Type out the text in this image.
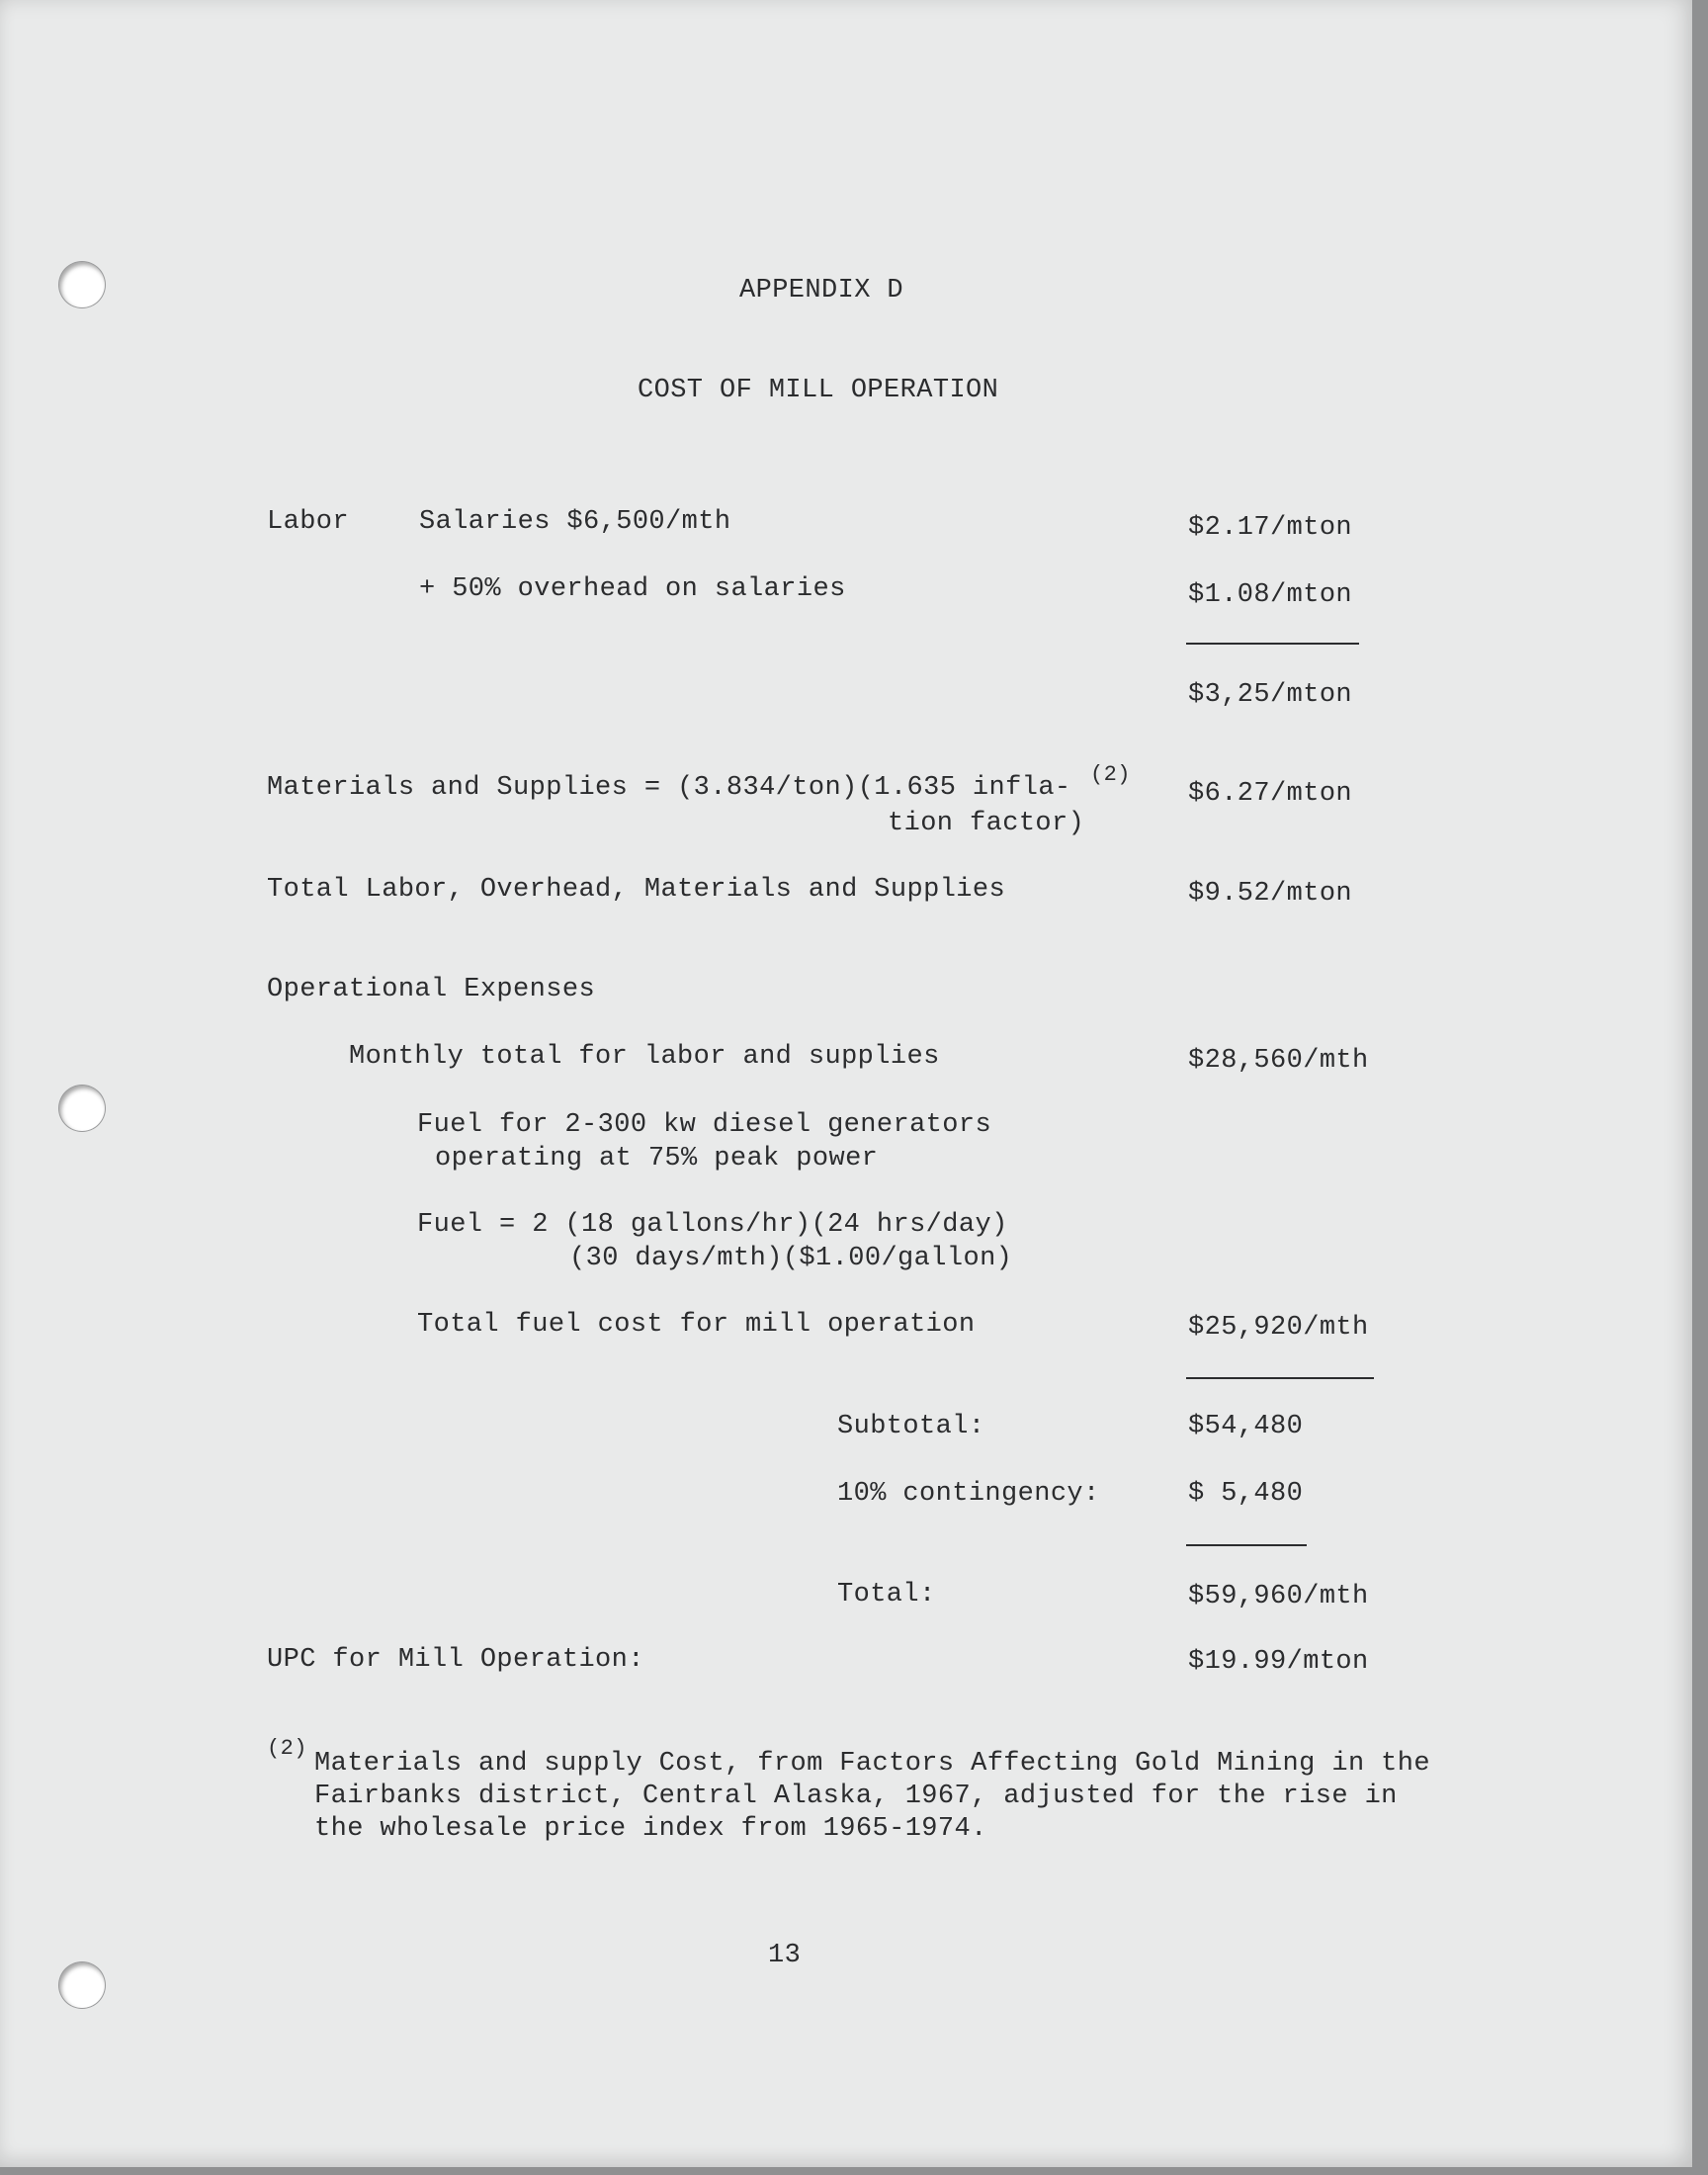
APPENDIX D
COST OF MILL OPERATION
Labor	Salaries $6,500/mth	$2.17/mton
+ 50% overhead on salaries	$1.08/mton
$3,25/mton
Materials and Supplies = (3.834/ton)(1.635 infla- (2)
tion factor)
$6.27/mton
Total Labor, Overhead, Materials and Supplies	$9.52/mton
Operational Expenses
Monthly total for labor and supplies	$28,560/mth
Fuel for 2-300 kw diesel generators
operating at 75% peak power
Fuel = 2 (18 gallons/hr)(24 hrs/day)
(30 days/mth)($1.00/gallon)
Total fuel cost for mill operation	$25,920/mth
Subtotal:	$54,480
10% contingency:	$ 5,480
Total:	$59,960/mth
UPC for Mill Operation:	$19.99/mton
(2)
Materials and supply Cost, from Factors Affecting Gold Mining in the
Fairbanks district, Central Alaska, 1967, adjusted for the rise in
the wholesale price index from 1965-1974.
13
